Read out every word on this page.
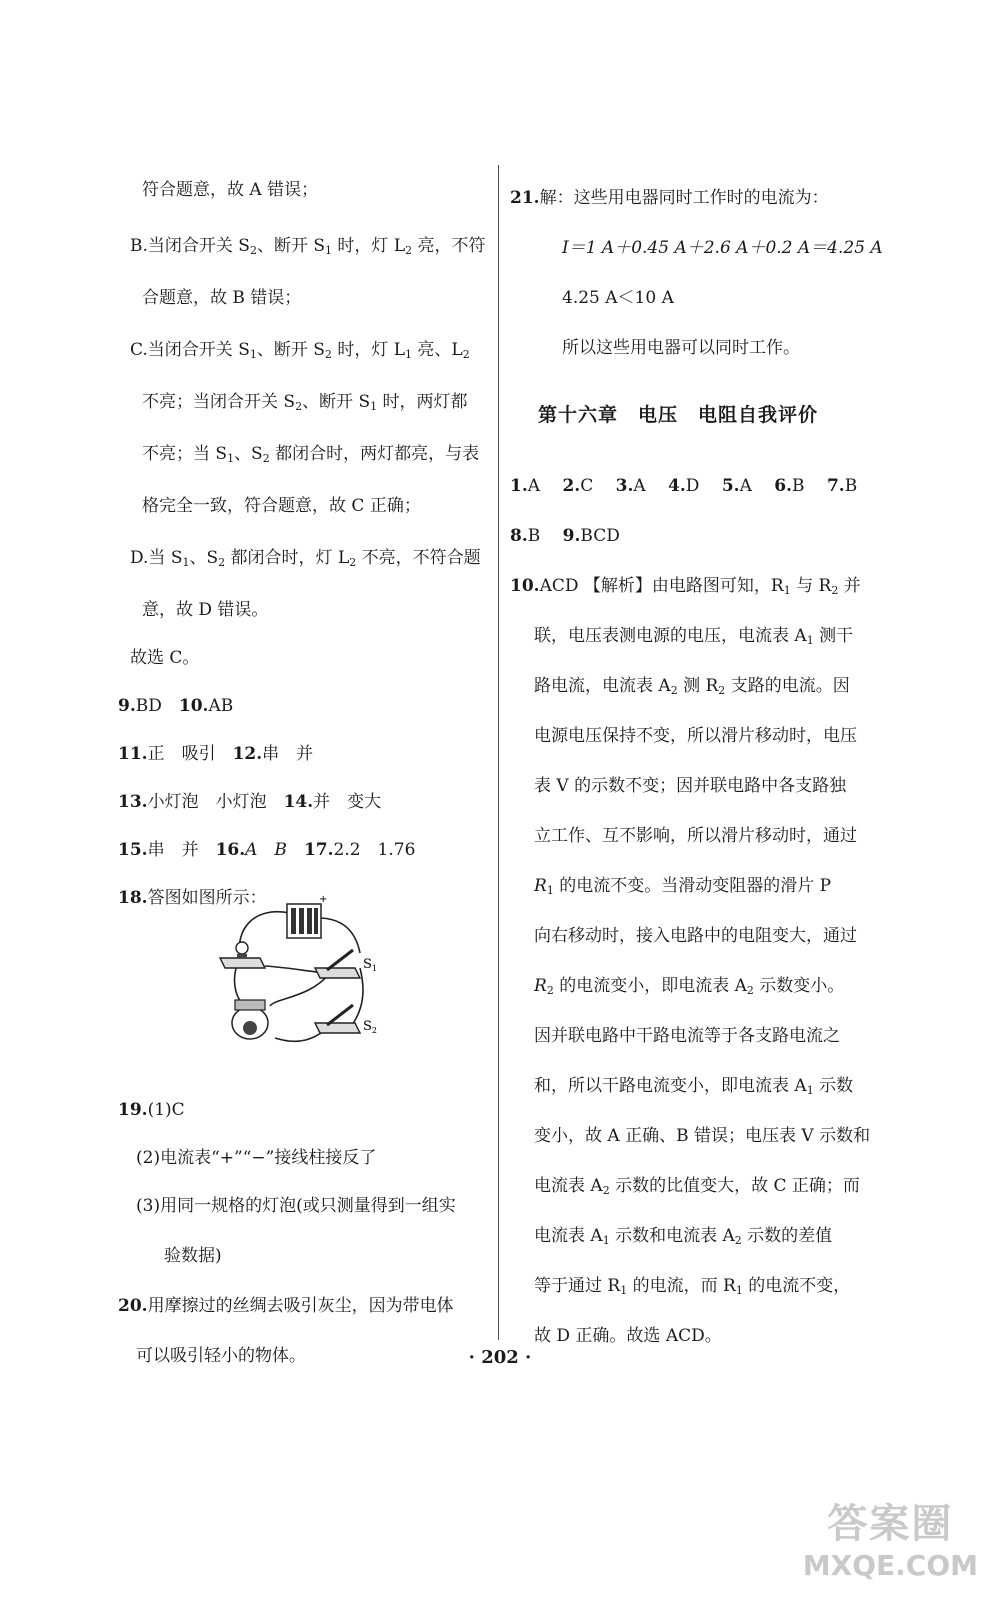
符合题意，故 A 错误；
B.当闭合开关 $S_2$、断开 $S_1$ 时，灯 $L_2$ 亮，不符
合题意，故 B 错误；
C.当闭合开关 $S_1$、断开 $S_2$ 时，灯 $L_1$ 亮、$L_2$
不亮；当闭合开关 $S_2$、断开 $S_1$ 时，两灯都
不亮；当 $S_1$、$S_2$ 都闭合时，两灯都亮，与表
格完全一致，符合题意，故 C 正确；
D.当 $S_1$、$S_2$ 都闭合时，灯 $L_2$ 不亮，不符合题
意，故 D 错误。
故选 C。
9.BD　 10.AB
11.正　吸引　 12.串　并
13.小灯泡　小灯泡　 14.并　变大
15.串　并　 16.A　B　 17.2.2　1.76
18.答图如图所示：
19.(1)C
(2)电流表“+”“−”接线柱接反了
(3)用同一规格的灯泡(或只测量得到一组实
验数据)
20.用摩擦过的丝绸去吸引灰尘，因为带电体
可以吸引轻小的物体。
+
$S_1$
$S_2$
21.解：这些用电器同时工作时的电流为：
I＝1 A＋0.45 A＋2.6 A＋0.2 A＝4.25 A
4.25 A＜10 A
所以这些用电器可以同时工作。
第十六章　电压　电阻自我评价
1.A　 2.C　 3.A　 4.D　 5.A　 6.B　 7.B
8.B　 9.BCD
10.ACD 【解析】由电路图可知，$R_1$ 与 $R_2$ 并
联，电压表测电源的电压，电流表 $A_1$ 测干
路电流，电流表 $A_2$ 测 $R_2$ 支路的电流。因
电源电压保持不变，所以滑片移动时，电压
表 V 的示数不变；因并联电路中各支路独
立工作、互不影响，所以滑片移动时，通过
$R_1$ 的电流不变。当滑动变阻器的滑片 P
向右移动时，接入电路中的电阻变大，通过
$R_2$ 的电流变小，即电流表 $A_2$ 示数变小。
因并联电路中干路电流等于各支路电流之
和，所以干路电流变小，即电流表 $A_1$ 示数
变小，故 A 正确、B 错误；电压表 V 示数和
电流表 $A_2$ 示数的比值变大，故 C 正确；而
电流表 $A_1$ 示数和电流表 $A_2$ 示数的差值
等于通过 $R_1$ 的电流，而 $R_1$ 的电流不变，
故 D 正确。故选 ACD。
· 202 ·
答案圈
MXQE.COM
